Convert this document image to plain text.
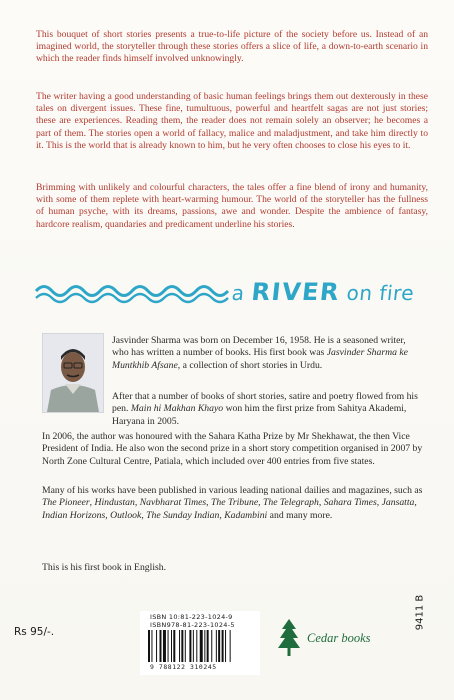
This bouquet of short stories presents a true-to-life picture of the society before us. Instead of an imagined world, the storyteller through these stories offers a slice of life, a down-to-earth scenario in which the reader finds himself involved unknowingly.

The writer having a good understanding of basic human feelings brings them out dexterously in these tales on divergent issues. These fine, tumultuous, powerful and heartfelt sagas are not just stories; these are experiences. Reading them, the reader does not remain solely an observer; he becomes a part of them. The stories open a world of fallacy, malice and maladjustment, and take him directly to it. This is the world that is already known to him, but he very often chooses to close his eyes to it.

Brimming with unlikely and colourful characters, the tales offer a fine blend of irony and humanity, with some of them replete with heart-warming humour. The world of the storyteller has the fullness of human psyche, with its dreams, passions, awe and wonder. Despite the ambience of fantasy, hardcore realism, quandaries and predicament underline his stories.

a RIVER on fire

Jasvinder Sharma was born on December 16, 1958. He is a seasoned writer, who has written a number of books. His first book was Jasvinder Sharma ke Muntkhib Afsane, a collection of short stories in Urdu.

After that a number of books of short stories, satire and poetry flowed from his pen. Main hi Makhan Khayo won him the first prize from Sahitya Akademi, Haryana in 2005.

In 2006, the author was honoured with the Sahara Katha Prize by Mr Shekhawat, the then Vice President of India. He also won the second prize in a short story competition organised in 2007 by North Zone Cultural Centre, Patiala, which included over 400 entries from five states.

Many of his works have been published in various leading national dailies and magazines, such as The Pioneer, Hindustan, Navbharat Times, The Tribune, The Telegraph, Sahara Times, Jansatta, Indian Horizons, Outlook, The Sunday Indian, Kadambini and many more.

This is his first book in English.

9411 B
Rs 95/-.
ISBN 10:81-223-1024-9
ISBN978-81-223-1024-5
9 788122 310245
Cedar books
